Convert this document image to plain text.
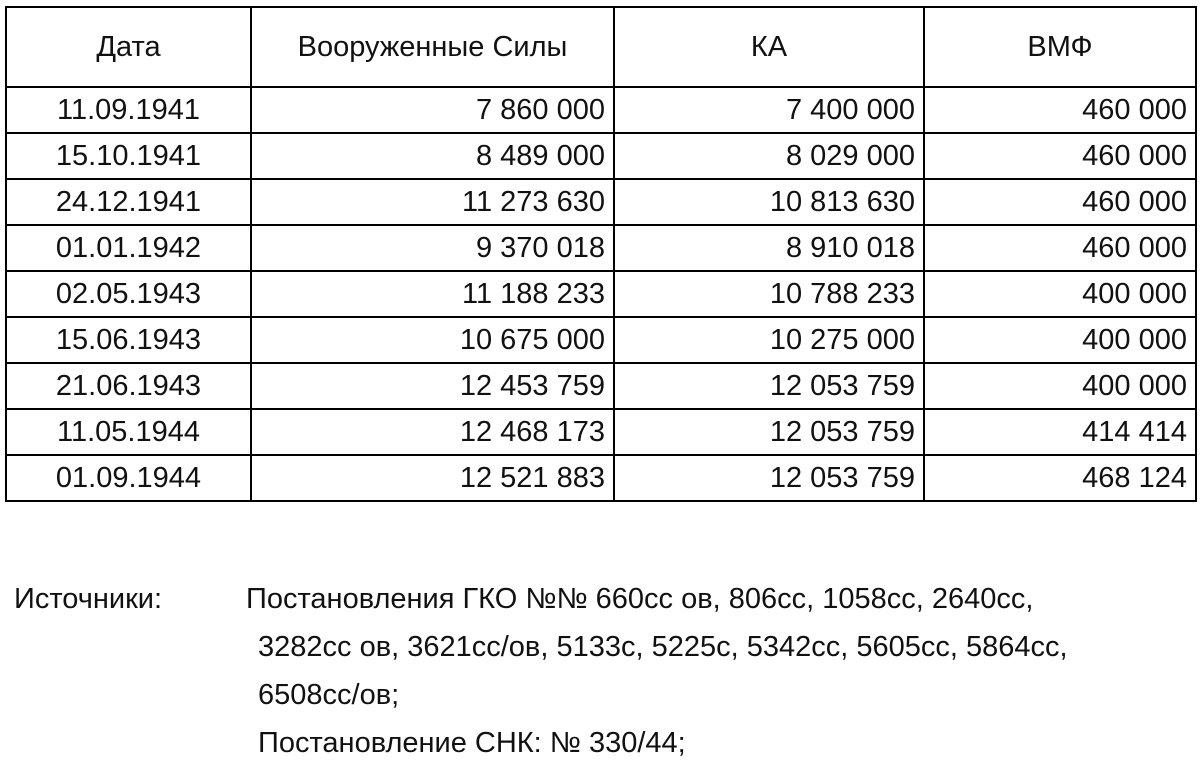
Дата	Вооруженные Силы	КА	ВМФ
11.09.1941	7 860 000	7 400 000	460 000
15.10.1941	8 489 000	8 029 000	460 000
24.12.1941	11 273 630	10 813 630	460 000
01.01.1942	9 370 018	8 910 018	460 000
02.05.1943	11 188 233	10 788 233	400 000
15.06.1943	10 675 000	10 275 000	400 000
21.06.1943	12 453 759	12 053 759	400 000
11.05.1944	12 468 173	12 053 759	414 414
01.09.1944	12 521 883	12 053 759	468 124
Источники:	Постановления ГКО №№ 660сс ов, 806сс, 1058сс, 2640сс,
3282сс ов, 3621сс/ов, 5133с, 5225с, 5342сс, 5605сс, 5864сс,
6508сс/ов;
Постановление СНК: № 330/44;
